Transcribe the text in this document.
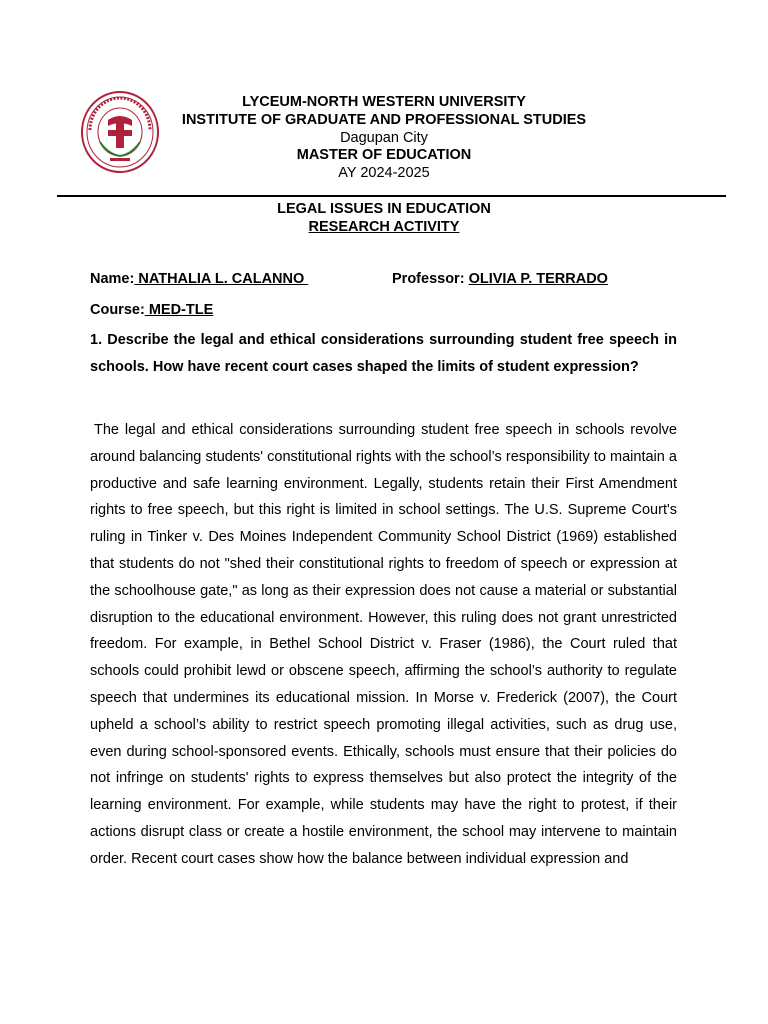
LYCEUM-NORTH WESTERN UNIVERSITY
INSTITUTE OF GRADUATE AND PROFESSIONAL STUDIES
Dagupan City
MASTER OF EDUCATION
AY 2024-2025
LEGAL ISSUES IN EDUCATION
RESEARCH ACTIVITY
Name: NATHALIA L. CALANNO	Professor: OLIVIA P. TERRADO
Course: MED-TLE
1. Describe the legal and ethical considerations surrounding student free speech in schools. How have recent court cases shaped the limits of student expression?
The legal and ethical considerations surrounding student free speech in schools revolve around balancing students' constitutional rights with the school’s responsibility to maintain a productive and safe learning environment. Legally, students retain their First Amendment rights to free speech, but this right is limited in school settings. The U.S. Supreme Court's ruling in Tinker v. Des Moines Independent Community School District (1969) established that students do not "shed their constitutional rights to freedom of speech or expression at the schoolhouse gate," as long as their expression does not cause a material or substantial disruption to the educational environment. However, this ruling does not grant unrestricted freedom. For example, in Bethel School District v. Fraser (1986), the Court ruled that schools could prohibit lewd or obscene speech, affirming the school’s authority to regulate speech that undermines its educational mission. In Morse v. Frederick (2007), the Court upheld a school’s ability to restrict speech promoting illegal activities, such as drug use, even during school-sponsored events. Ethically, schools must ensure that their policies do not infringe on students' rights to express themselves but also protect the integrity of the learning environment. For example, while students may have the right to protest, if their actions disrupt class or create a hostile environment, the school may intervene to maintain order. Recent court cases show how the balance between individual expression and
